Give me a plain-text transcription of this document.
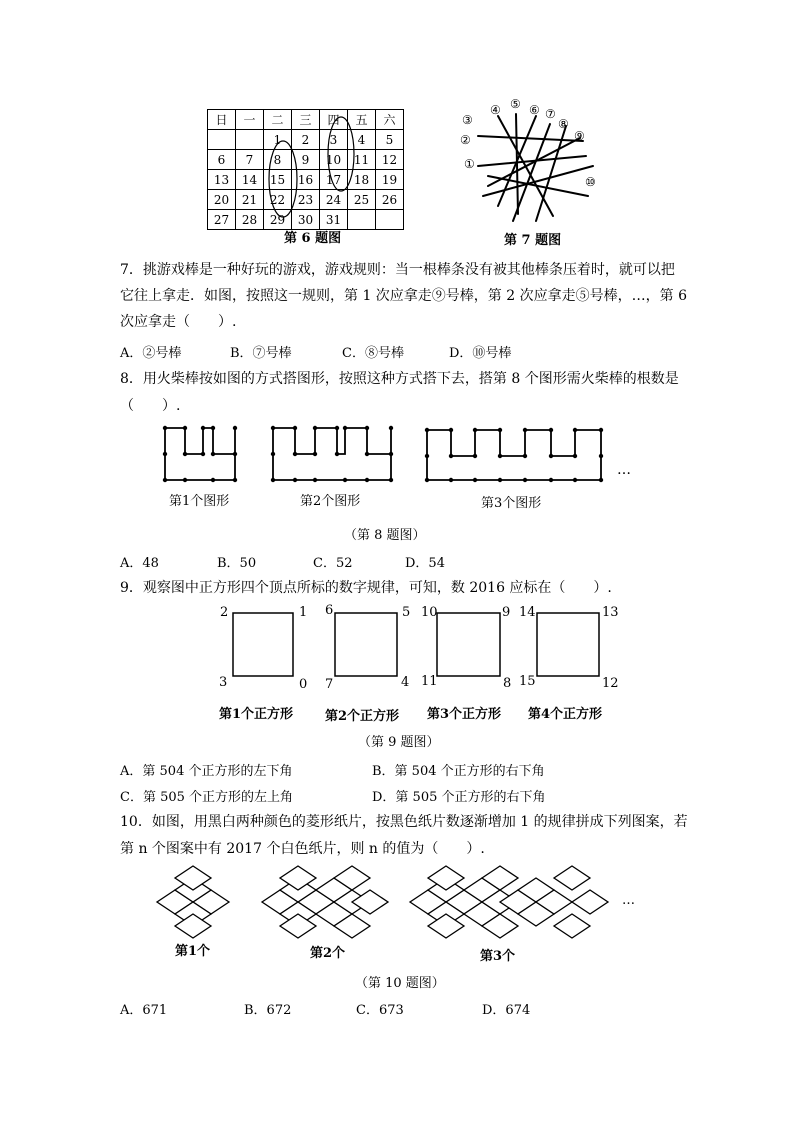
日	一	二	三	四	五	六
		1	2	3	4	5
6	7	8	9	10	11	12
13	14	15	16	17	18	19
20	21	22	23	24	25	26
27	28	29	30	31		
第 6 题图
③
④ ⑤ ⑥ ⑦
⑧
⑨
②
①
⑩
第 7 题图
7．挑游戏棒是一种好玩的游戏，游戏规则：当一根棒条没有被其他棒条压着时，就可以把
它往上拿走．如图，按照这一规则，第 1 次应拿走⑨号棒，第 2 次应拿走⑤号棒，…，第 6
次应拿走（　　）.
A．②号棒	B．⑦号棒	C．⑧号棒	D．⑩号棒
8．用火柴棒按如图的方式搭图形，按照这种方式搭下去，搭第 8 个图形需火柴棒的根数是
（　　）.
…
第1个图形	第2个图形	第3个图形
（第 8 题图）
A．48	B．50	C．52	D．54
9．观察图中正方形四个顶点所标的数字规律，可知，数 2016 应标在（　　）.
2	1
3	0
6	5
7	4
10	9
11	8
14	13
15	12
第1个正方形 第2个正方形 第3个正方形 第4个正方形
（第 9 题图）
A．第 504 个正方形的左下角	B．第 504 个正方形的右下角
C．第 505 个正方形的左上角	D．第 505 个正方形的右下角
10．如图，用黑白两种颜色的菱形纸片，按黑色纸片数逐渐增加 1 的规律拼成下列图案，若
第 n 个图案中有 2017 个白色纸片，则 n 的值为（　　）.
…
第1个	第2个	第3个
（第 10 题图）
A．671	B．672	C．673	D．674
